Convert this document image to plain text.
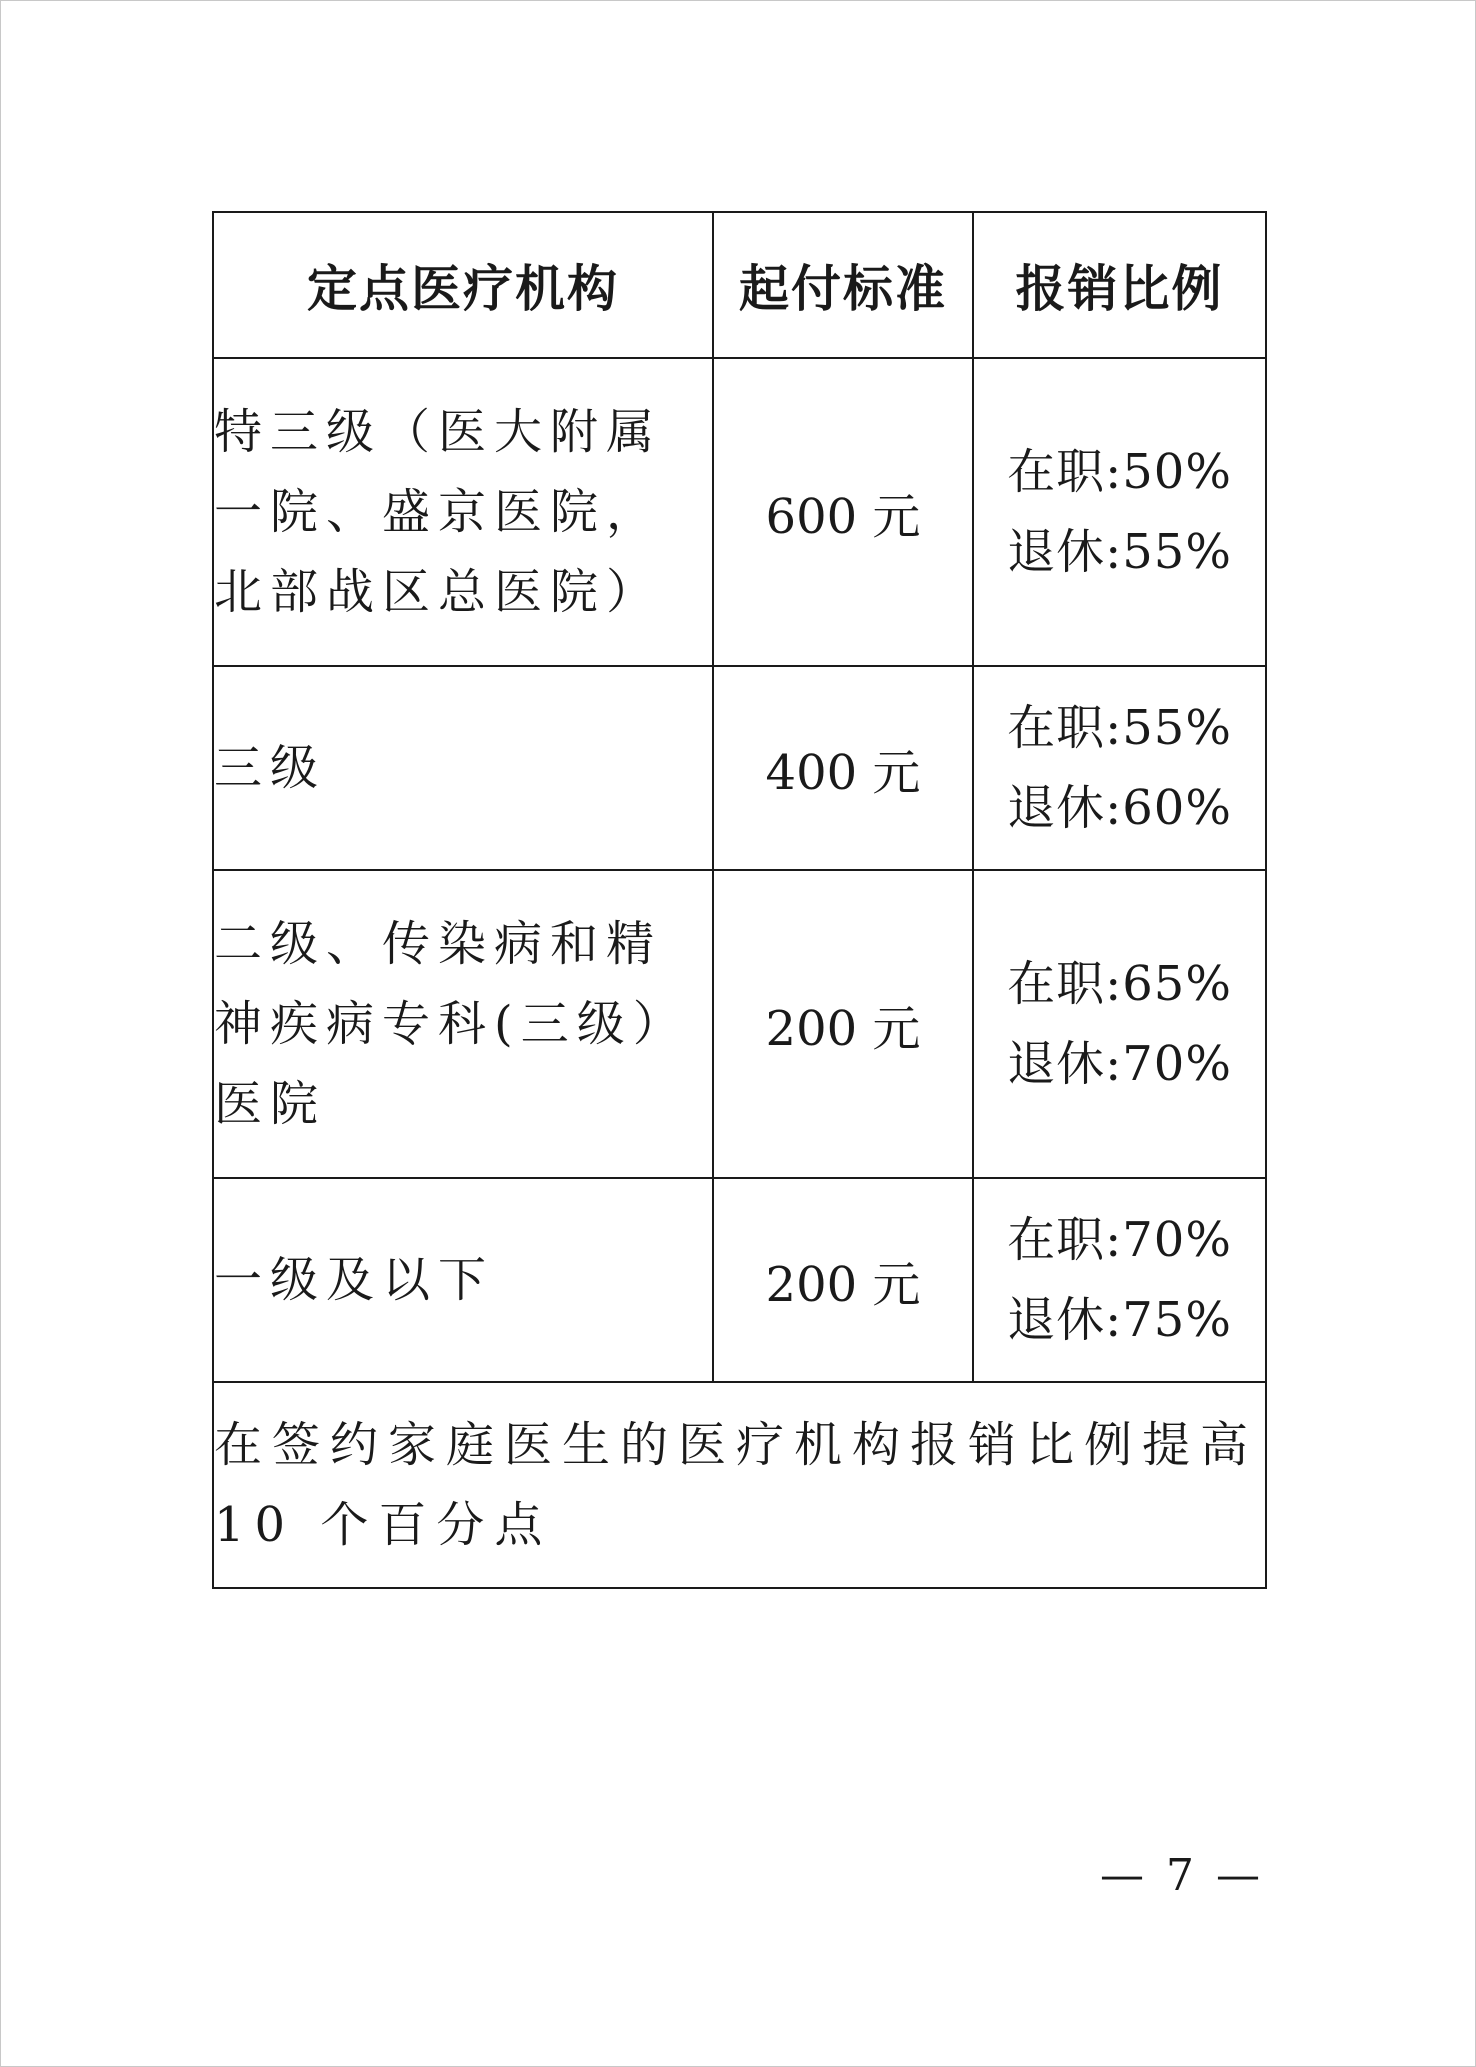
定点医疗机构	起付标准	报销比例
特三级（医大附属一院、盛京医院，北部战区总医院）	600 元	在职:50%
退休:55%

三级	400 元	在职:55%
退休:60%

二级、传染病和精神疾病专科(三级）医院	200 元	在职:65%
退休:70%

一级及以下	200 元	在职:70%
退休:75%

在签约家庭医生的医疗机构报销比例提高 10 个百分点		
— 7 —
